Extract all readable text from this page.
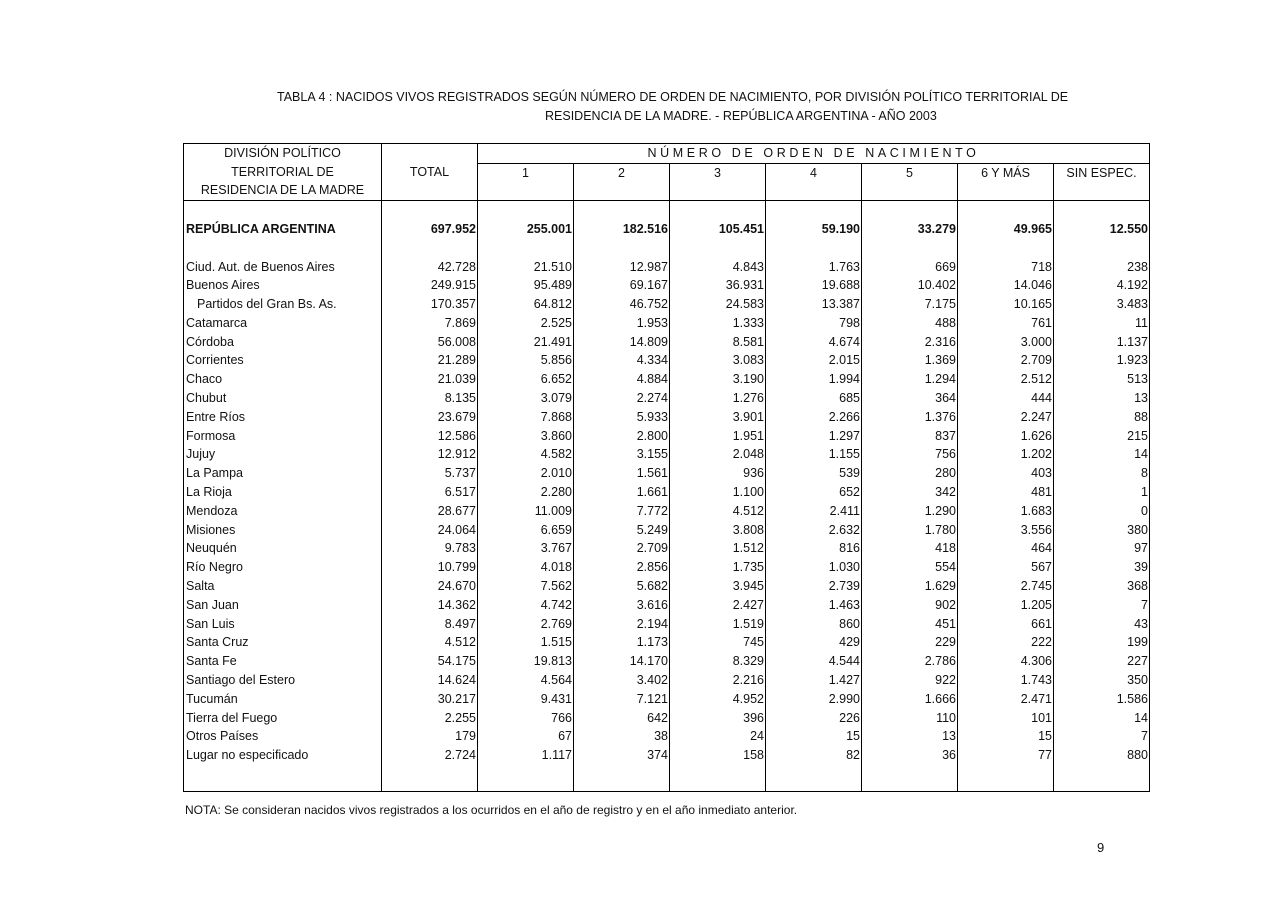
TABLA 4 : NACIDOS VIVOS REGISTRADOS SEGÚN NÚMERO DE ORDEN DE NACIMIENTO, POR DIVISIÓN POLÍTICO TERRITORIAL DE
RESIDENCIA DE LA MADRE. - REPÚBLICA ARGENTINA - AÑO 2003
DIVISIÓN POLÍTICO
TERRITORIAL DE
RESIDENCIA DE LA MADRE	TOTAL	NÚMERO DE ORDEN DE NACIMIENTO						
		1	2	3	4	5	6 Y MÁS	SIN ESPEC.

REPÚBLICA ARGENTINA	697.952	255.001	182.516	105.451	59.190	33.279	49.965	12.550

Ciud. Aut. de Buenos Aires	42.728	21.510	12.987	4.843	1.763	669	718	238
Buenos Aires	249.915	95.489	69.167	36.931	19.688	10.402	14.046	4.192
Partidos del Gran Bs. As.	170.357	64.812	46.752	24.583	13.387	7.175	10.165	3.483
Catamarca	7.869	2.525	1.953	1.333	798	488	761	11
Córdoba	56.008	21.491	14.809	8.581	4.674	2.316	3.000	1.137
Corrientes	21.289	5.856	4.334	3.083	2.015	1.369	2.709	1.923
Chaco	21.039	6.652	4.884	3.190	1.994	1.294	2.512	513
Chubut	8.135	3.079	2.274	1.276	685	364	444	13
Entre Ríos	23.679	7.868	5.933	3.901	2.266	1.376	2.247	88
Formosa	12.586	3.860	2.800	1.951	1.297	837	1.626	215
Jujuy	12.912	4.582	3.155	2.048	1.155	756	1.202	14
La Pampa	5.737	2.010	1.561	936	539	280	403	8
La Rioja	6.517	2.280	1.661	1.100	652	342	481	1
Mendoza	28.677	11.009	7.772	4.512	2.411	1.290	1.683	0
Misiones	24.064	6.659	5.249	3.808	2.632	1.780	3.556	380
Neuquén	9.783	3.767	2.709	1.512	816	418	464	97
Río Negro	10.799	4.018	2.856	1.735	1.030	554	567	39
Salta	24.670	7.562	5.682	3.945	2.739	1.629	2.745	368
San Juan	14.362	4.742	3.616	2.427	1.463	902	1.205	7
San Luis	8.497	2.769	2.194	1.519	860	451	661	43
Santa Cruz	4.512	1.515	1.173	745	429	229	222	199
Santa Fe	54.175	19.813	14.170	8.329	4.544	2.786	4.306	227
Santiago del Estero	14.624	4.564	3.402	2.216	1.427	922	1.743	350
Tucumán	30.217	9.431	7.121	4.952	2.990	1.666	2.471	1.586
Tierra del Fuego	2.255	766	642	396	226	110	101	14
Otros Países	179	67	38	24	15	13	15	7
Lugar no especificado	2.724	1.117	374	158	82	36	77	880

NOTA: Se consideran nacidos vivos registrados a los ocurridos en el año de registro y en el año inmediato anterior.
9
